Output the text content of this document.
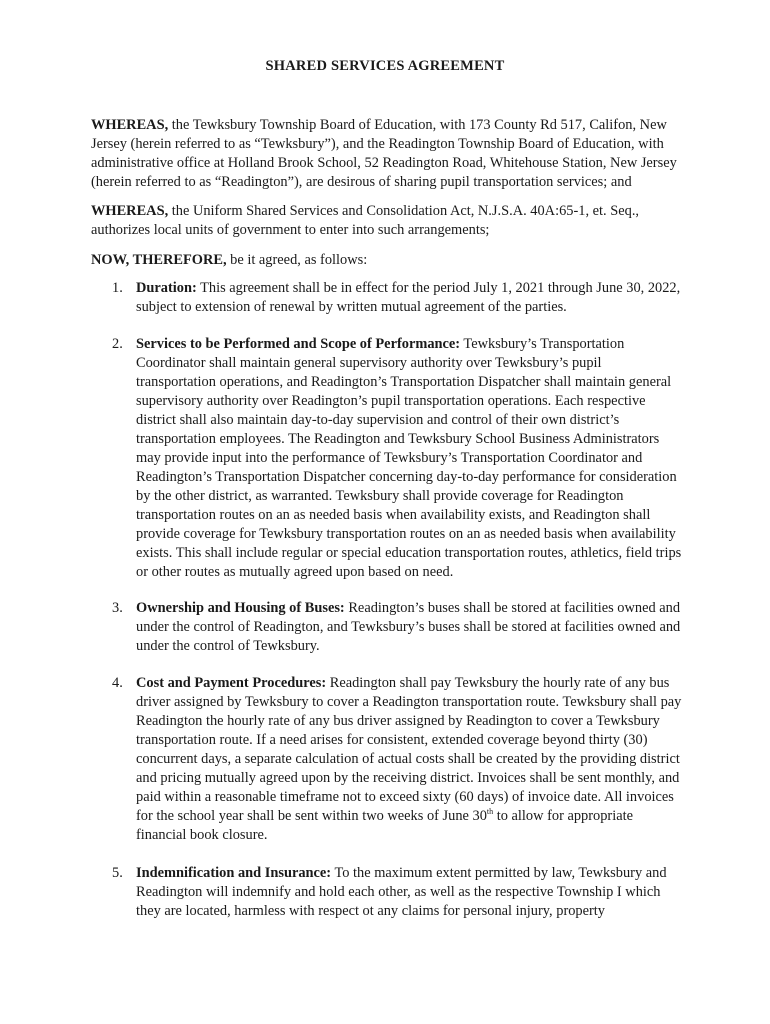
SHARED SERVICES AGREEMENT
WHEREAS, the Tewksbury Township Board of Education, with 173 County Rd 517, Califon, New Jersey (herein referred to as “Tewksbury”), and the Readington Township Board of Education, with administrative office at Holland Brook School, 52 Readington Road, Whitehouse Station, New Jersey (herein referred to as “Readington”), are desirous of sharing pupil transportation services; and
WHEREAS, the Uniform Shared Services and Consolidation Act, N.J.S.A. 40A:65-1, et. Seq., authorizes local units of government to enter into such arrangements;
NOW, THEREFORE, be it agreed, as follows:
1. Duration: This agreement shall be in effect for the period July 1, 2021 through June 30, 2022, subject to extension of renewal by written mutual agreement of the parties.
2. Services to be Performed and Scope of Performance: Tewksbury’s Transportation Coordinator shall maintain general supervisory authority over Tewksbury’s pupil transportation operations, and Readington’s Transportation Dispatcher shall maintain general supervisory authority over Readington’s pupil transportation operations. Each respective district shall also maintain day-to-day supervision and control of their own district’s transportation employees. The Readington and Tewksbury School Business Administrators may provide input into the performance of Tewksbury’s Transportation Coordinator and Readington’s Transportation Dispatcher concerning day-to-day performance for consideration by the other district, as warranted. Tewksbury shall provide coverage for Readington transportation routes on an as needed basis when availability exists, and Readington shall provide coverage for Tewksbury transportation routes on an as needed basis when availability exists. This shall include regular or special education transportation routes, athletics, field trips or other routes as mutually agreed upon based on need.
3. Ownership and Housing of Buses: Readington’s buses shall be stored at facilities owned and under the control of Readington, and Tewksbury’s buses shall be stored at facilities owned and under the control of Tewksbury.
4. Cost and Payment Procedures: Readington shall pay Tewksbury the hourly rate of any bus driver assigned by Tewksbury to cover a Readington transportation route. Tewksbury shall pay Readington the hourly rate of any bus driver assigned by Readington to cover a Tewksbury transportation route. If a need arises for consistent, extended coverage beyond thirty (30) concurrent days, a separate calculation of actual costs shall be created by the providing district and pricing mutually agreed upon by the receiving district. Invoices shall be sent monthly, and paid within a reasonable timeframe not to exceed sixty (60 days) of invoice date. All invoices for the school year shall be sent within two weeks of June 30th to allow for appropriate financial book closure.
5. Indemnification and Insurance: To the maximum extent permitted by law, Tewksbury and Readington will indemnify and hold each other, as well as the respective Township I which they are located, harmless with respect ot any claims for personal injury, property
